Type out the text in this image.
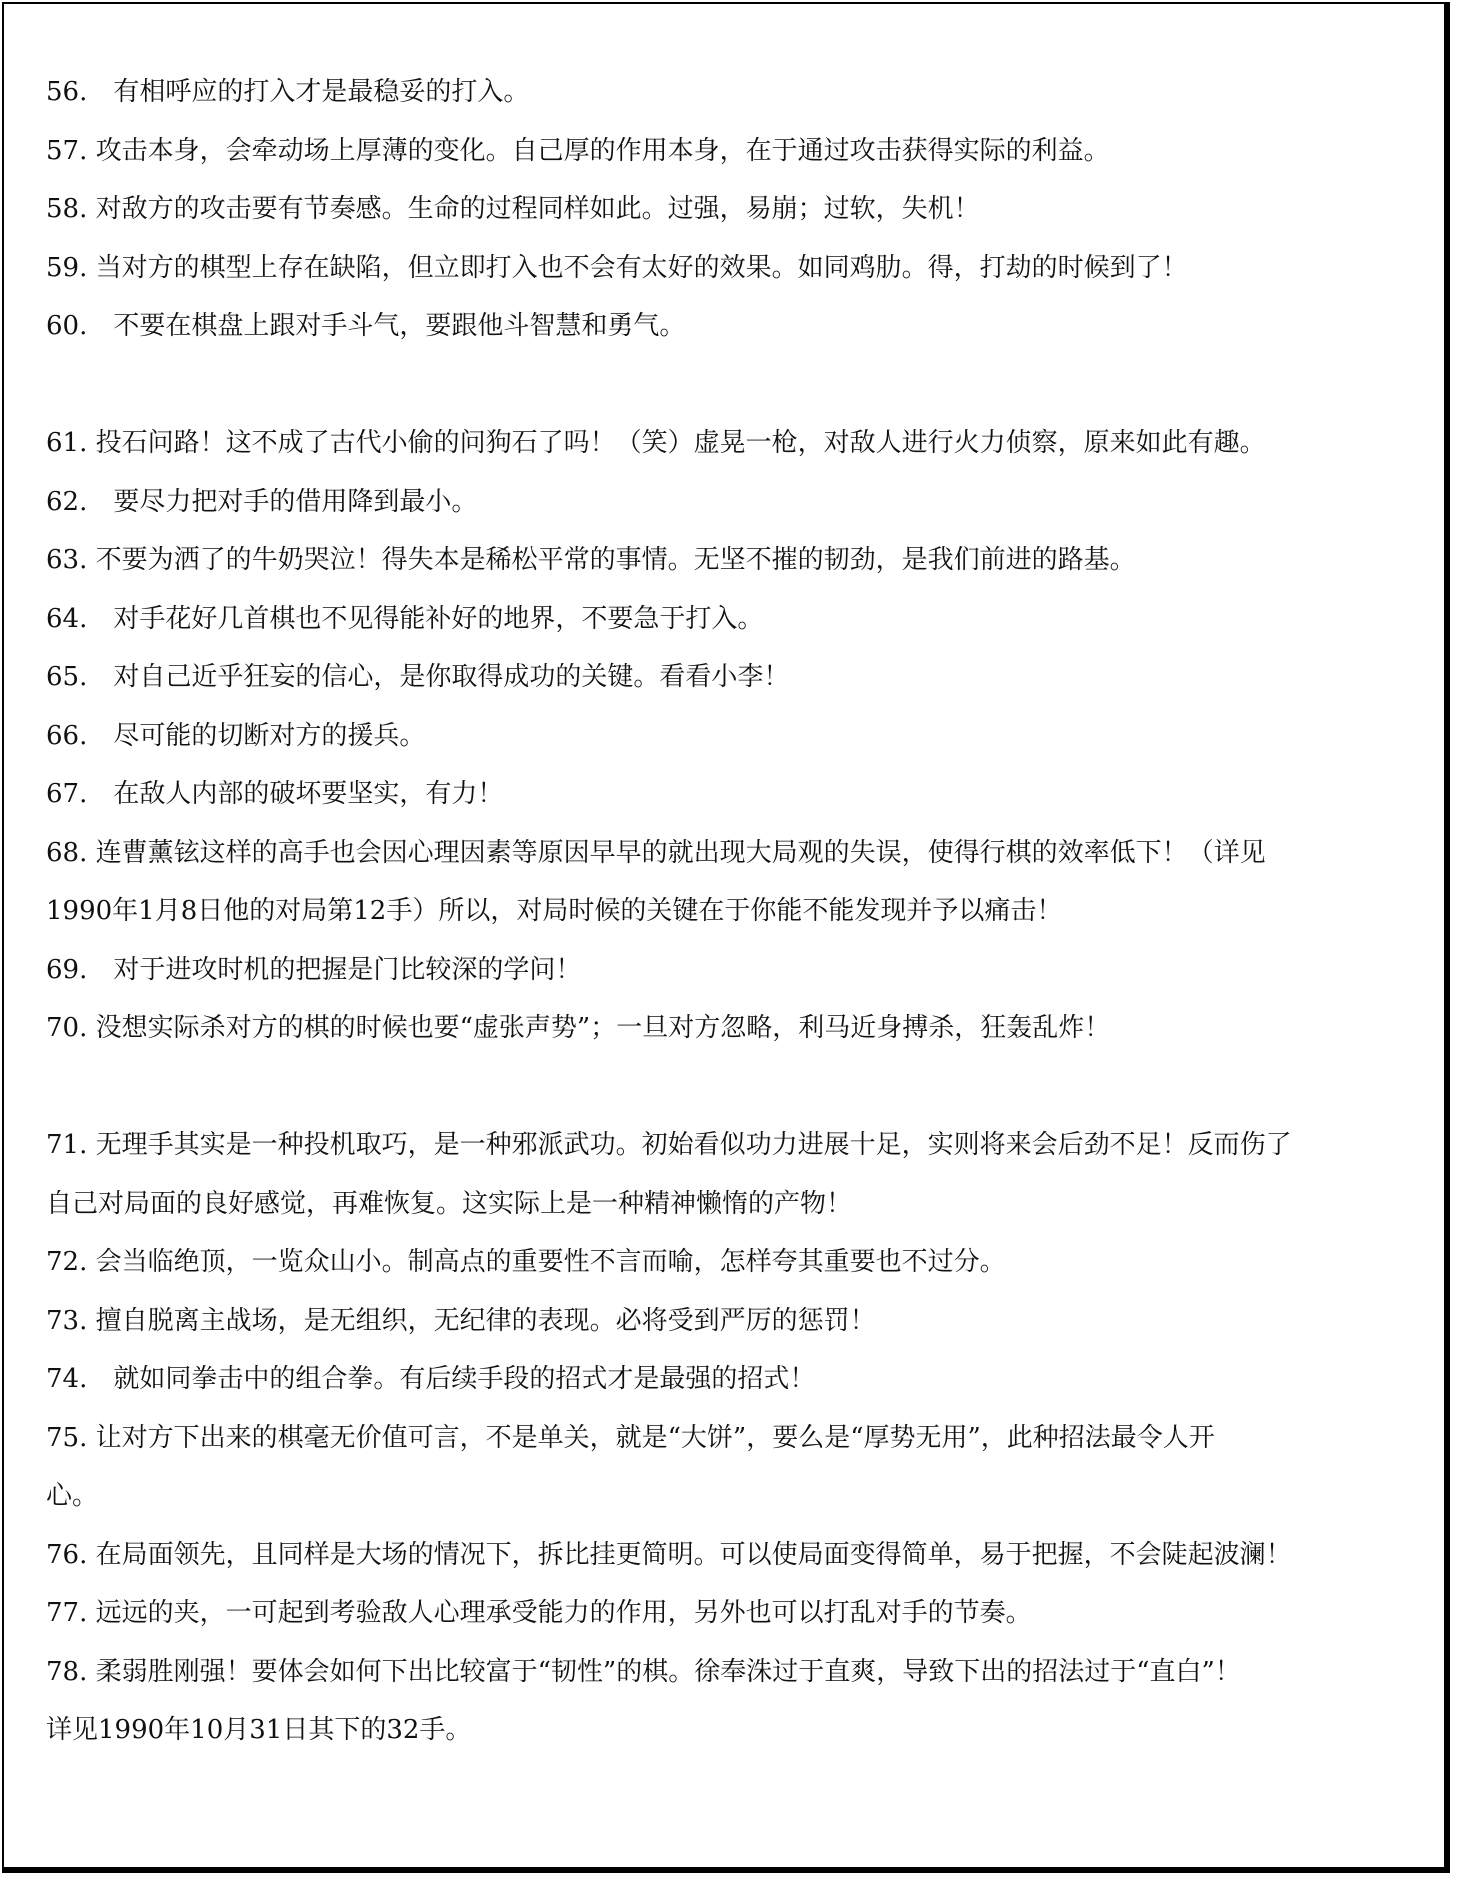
56.　有相呼应的打入才是最稳妥的打入。
57. 攻击本身，会牵动场上厚薄的变化。自己厚的作用本身，在于通过攻击获得实际的利益。
58. 对敌方的攻击要有节奏感。生命的过程同样如此。过强，易崩；过软，失机！
59. 当对方的棋型上存在缺陷，但立即打入也不会有太好的效果。如同鸡肋。得，打劫的时候到了！
60.　不要在棋盘上跟对手斗气，要跟他斗智慧和勇气。
61. 投石问路！这不成了古代小偷的问狗石了吗！（笑）虚晃一枪，对敌人进行火力侦察，原来如此有趣。
62.　要尽力把对手的借用降到最小。
63. 不要为洒了的牛奶哭泣！得失本是稀松平常的事情。无坚不摧的韧劲，是我们前进的路基。
64.　对手花好几首棋也不见得能补好的地界，不要急于打入。
65.　对自己近乎狂妄的信心，是你取得成功的关键。看看小李！
66.　尽可能的切断对方的援兵。
67.　在敌人内部的破坏要坚实，有力！
68. 连曹薰铉这样的高手也会因心理因素等原因早早的就出现大局观的失误，使得行棋的效率低下！（详见
1990年1月8日他的对局第12手）所以，对局时候的关键在于你能不能发现并予以痛击！
69.　对于进攻时机的把握是门比较深的学问！
70. 没想实际杀对方的棋的时候也要“虚张声势”；一旦对方忽略，利马近身搏杀，狂轰乱炸！
71. 无理手其实是一种投机取巧，是一种邪派武功。初始看似功力进展十足，实则将来会后劲不足！反而伤了
自己对局面的良好感觉，再难恢复。这实际上是一种精神懒惰的产物！
72. 会当临绝顶，一览众山小。制高点的重要性不言而喻，怎样夸其重要也不过分。
73. 擅自脱离主战场，是无组织，无纪律的表现。必将受到严厉的惩罚！
74.　就如同拳击中的组合拳。有后续手段的招式才是最强的招式！
75. 让对方下出来的棋毫无价值可言，不是单关，就是“大饼”，要么是“厚势无用”，此种招法最令人开
心。
76. 在局面领先，且同样是大场的情况下，拆比挂更简明。可以使局面变得简单，易于把握，不会陡起波澜！
77. 远远的夹，一可起到考验敌人心理承受能力的作用，另外也可以打乱对手的节奏。
78. 柔弱胜刚强！要体会如何下出比较富于“韧性”的棋。徐奉洙过于直爽，导致下出的招法过于“直白”！
详见1990年10月31日其下的32手。
